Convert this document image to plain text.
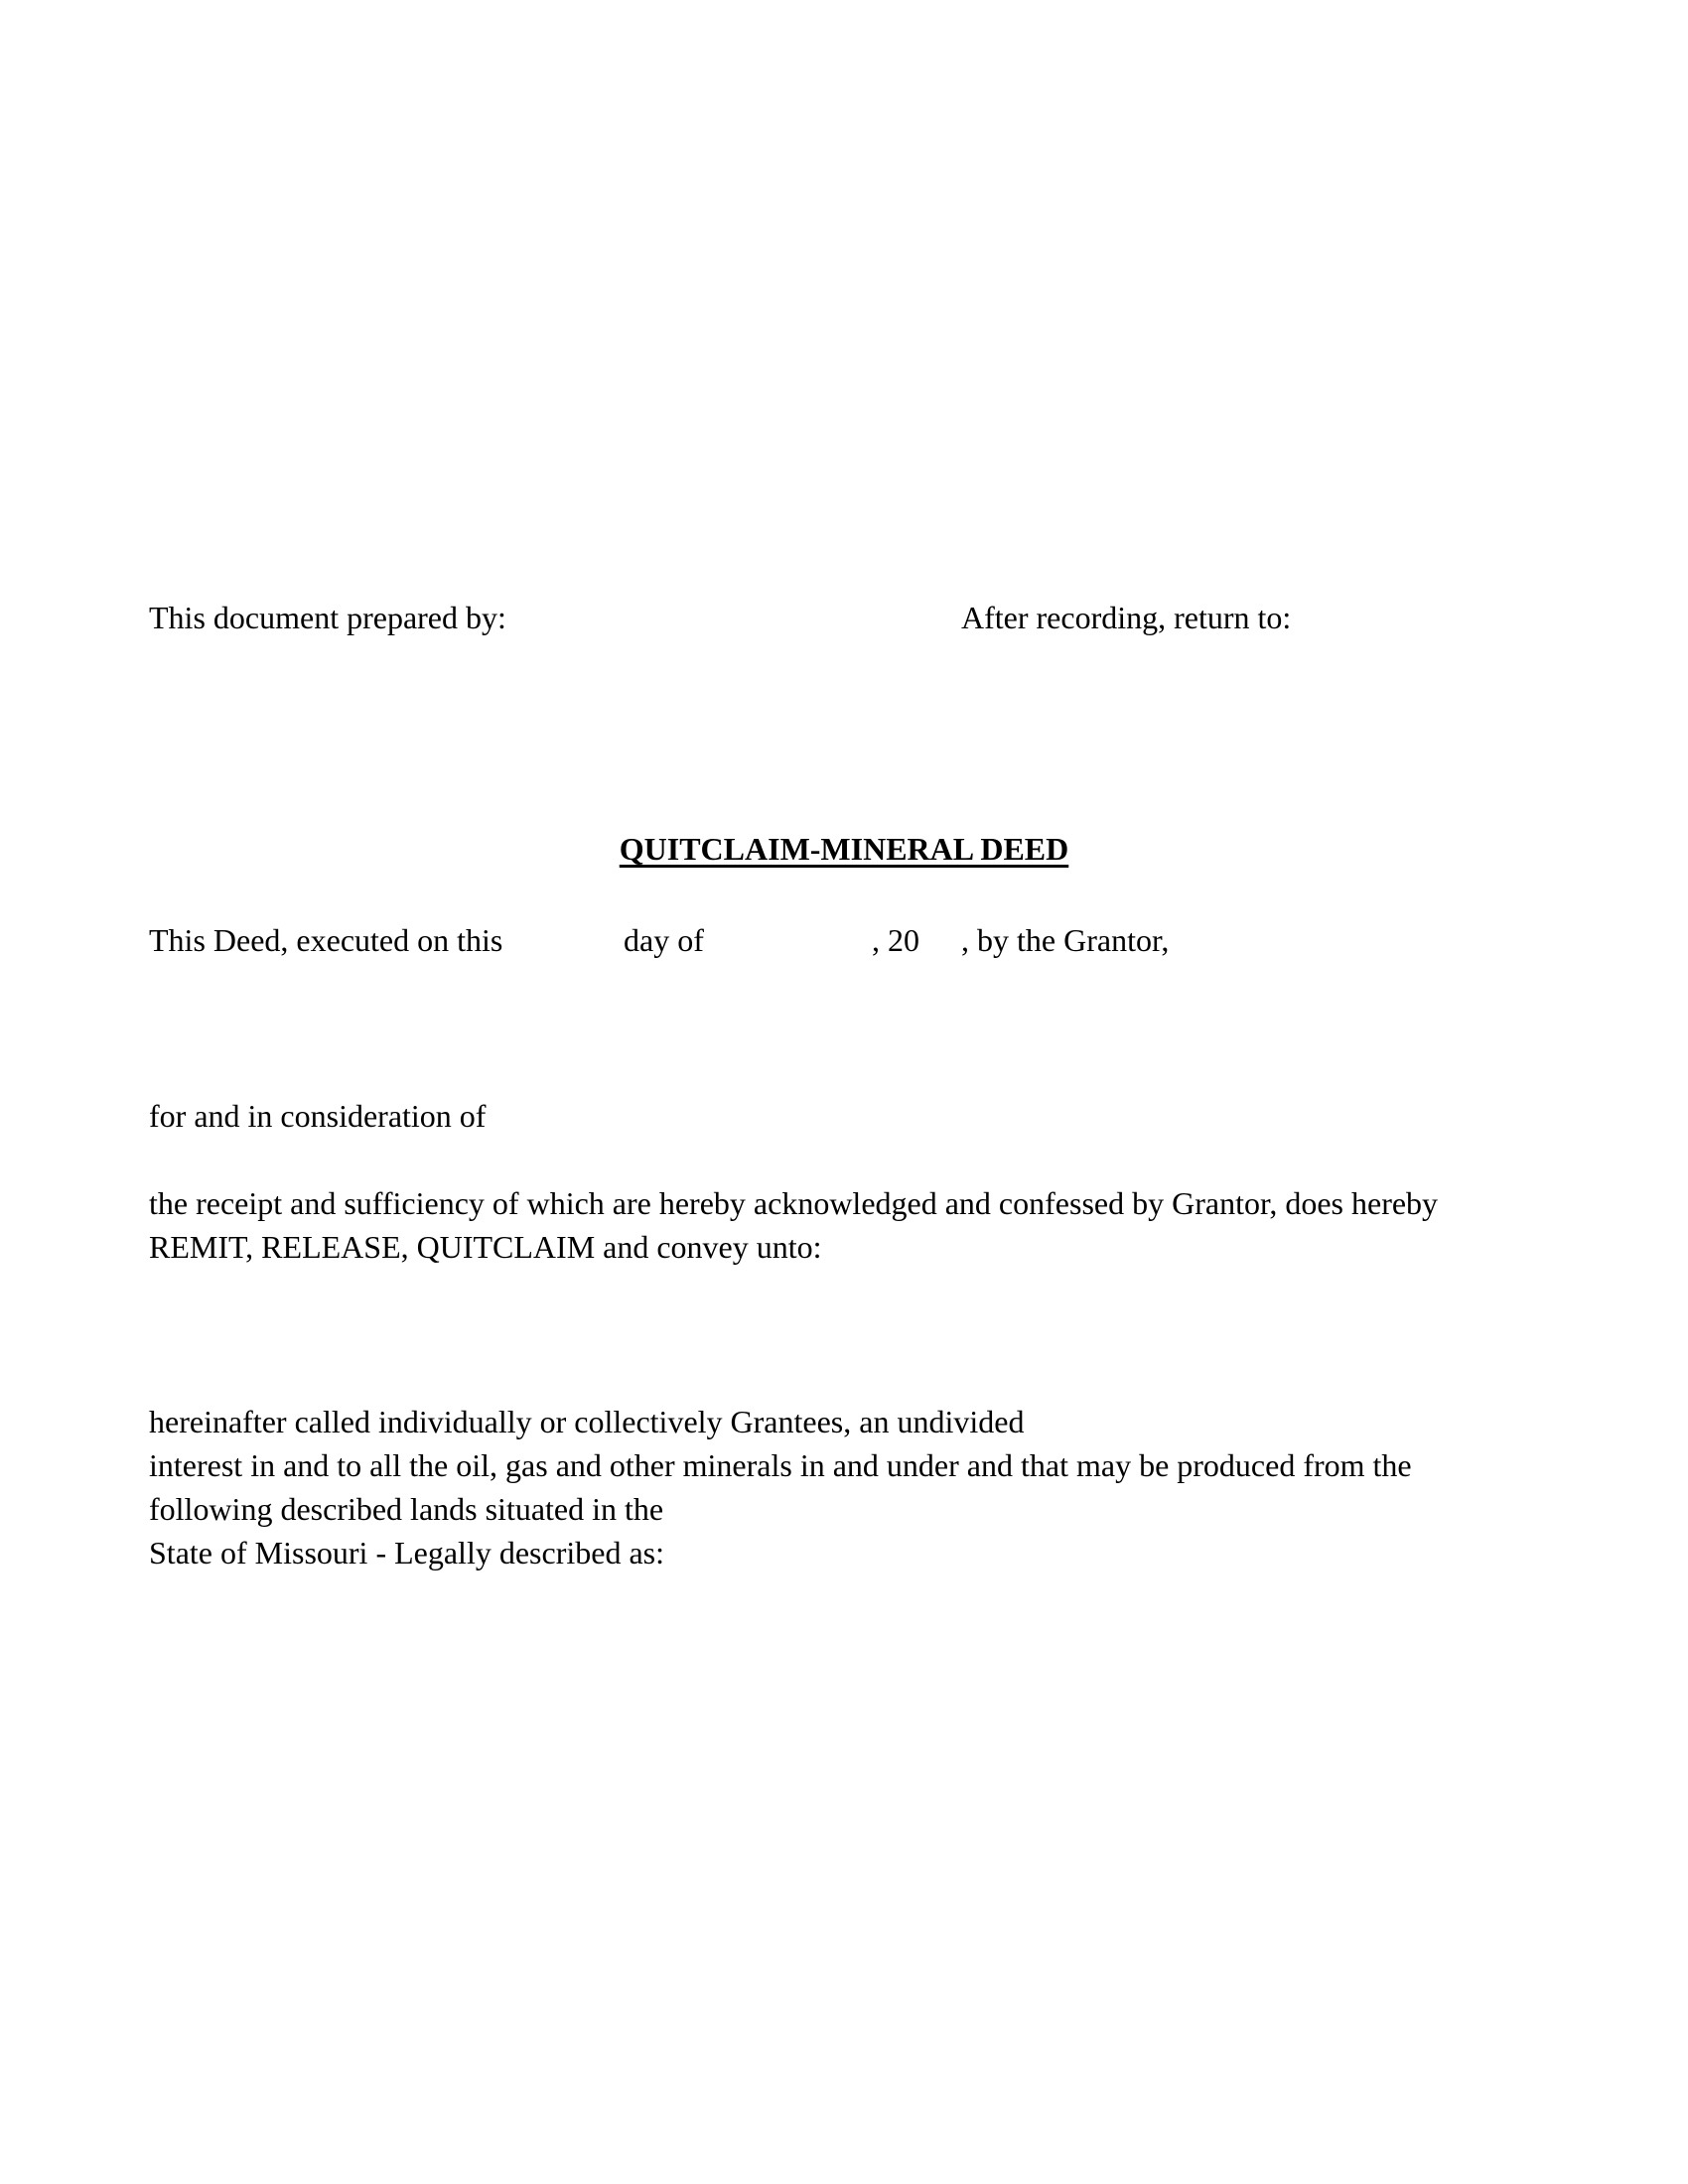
This document prepared by:	After recording, return to:
QUITCLAIM-MINERAL DEED
This Deed, executed on this	day of	, 20 , by the Grantor,
for and in consideration of
the receipt and sufficiency of which are hereby acknowledged and confessed by Grantor, does hereby
REMIT, RELEASE, QUITCLAIM and convey unto:
hereinafter called individually or collectively Grantees, an undivided
interest in and to all the oil, gas and other minerals in and under and that may be produced from the
following described lands situated in the
State of Missouri - Legally described as:
